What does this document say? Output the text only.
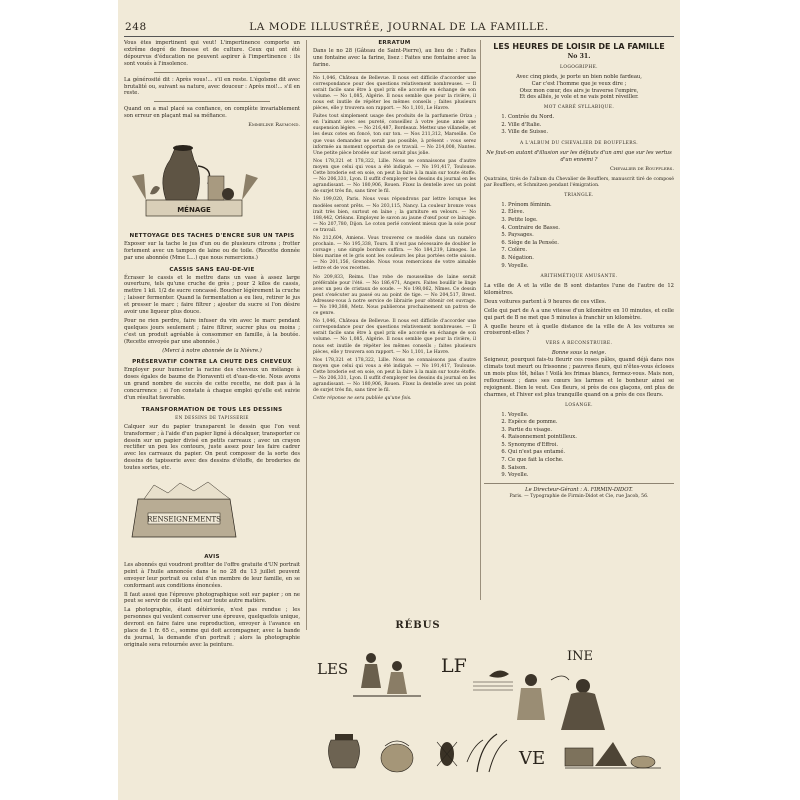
248	LA MODE ILLUSTRÉE, JOURNAL DE LA FAMILLE.

Vous êtes impertinent qui veut! L'impertinence comporte un extrême degré de finesse et de culture. Ceux qui ont été dépourvus d'éducation ne peuvent aspirer à l'impertinence : ils sont voués à l'insolence.

La générosité dit : Après vous!... s'il en reste. L'égoïsme dit avec brutalité ou, suivant sa nature, avec douceur : Après moi!... s'il en reste.

Quand on a mal placé sa confiance, on complète invariablement son erreur en plaçant mal sa méfiance.

Emmeline Raymond.
MÉNAGE
NETTOYAGE DES TACHES D'ENCRE SUR UN TAPIS

Exposer sur la tache le jus d'un ou de plusieurs citrons ; frotter fortement avec un tampon de laine ou de toile. (Recette donnée par une abonnée (Mme L...) que nous remercions.)

CASSIS SANS EAU-DE-VIE

Écraser le cassis et le mettre dans un vase à assez large ouverture, tels qu'une cruche de grès ; pour 2 kilos de cassis, mettre 1 kil. 1/2 de sucre concassé. Boucher légèrement la cruche ; laisser fermenter. Quand la fermentation a eu lieu, retirer le jus et presser le marc ; faire filtrer ; ajouter du sucre si l'on désire avoir une liqueur plus douce.

Pour ne rien perdre, faire infuser du vin avec le marc pendant quelques jours seulement ; faire filtrer, sucrer plus ou moins ; c'est un produit agréable à consommer en famille, à la boutée. (Recette envoyée par une abonnée.)

(Merci à notre abonnée de la Nièvre.)

PRÉSERVATIF CONTRE LA CHUTE DES CHEVEUX

Employer pour humecter la racine des cheveux un mélange à doses égales de baume de Fioraventi et d'eau-de-vie. Nous avons un grand nombre de succès de cette recette, ne doit pas à la concurrence ; si l'on constate à chaque emploi qu'elle est suivie d'un résultat favorable.

TRANSFORMATION DE TOUS LES DESSINS
EN DESSINS DE TAPISSERIE

Calquer sur du papier transparent le dessin que l'on veut transformer ; à l'aide d'un papier ligné à décalquer, transporter ce dessin sur un papier divisé en petits carreaux ; avec un crayon rectifier un peu les contours, juste assez pour les faire cadrer avec les carreaux du papier. On peut composer de la sorte des dessins de tapisserie avec des dessins d'étoffe, de broderies de toutes sortes, etc.

RENSEIGNEMENTS
AVIS

Les abonnés qui voudront profiter de l'offre gratuite d'UN portrait peint à l'huile annoncée dans le no 28 du 13 juillet peuvent envoyer leur portrait ou celui d'un membre de leur famille, en se conformant aux conditions énoncées.

Il faut aussi que l'épreuve photographique soit sur papier ; on ne peut se servir de celle qui est sur toute autre matière.

La photographie, étant détériorée, n'est pas rendue ; les personnes qui veulent conserver une épreuve, quelquefois unique, devront en faire faire une reproduction, envoyer à l'avance en place de 1 fr. 65 c., somme qui doit accompagner, avec la bande du journal, la demande d'un portrait ; alors la photographie originale sera retournée avec la peinture.

ERRATUM

Dans le no 28 (Gâteau de Saint-Pierre), au lieu de : Faites une fontaine avec la farine, lisez : Faites une fontaine avec la farine.

No 1,046, Château de Bellevue. Il nous est difficile d'accorder une correspondance pour des questions relativement nombreuses. — Il serait facile sans être à quel prix elle accorde en échange de son volume. — No 1,085, Algérie. Il nous semble que pour la rivière, il nous est inutile de répéter les mêmes conseils ; faites plusieurs pièces, elle y trouvera son rapport. — No 1,101, Le Havre.

Faites tout simplement usage des produits de la parfumerie Oriza ; en l'aimant avec ses pureté, conseillez à votre jeune amie une suspension légère. — No 216,487, Bordeaux. Mettez une villanelle, et les deux cotes en foncé, ton sur ton. — Nos 211,312, Marseille. Ce que vous demandez ne serait pas possible, à présent : vous serez informée au moment opportun de ce travail. — No 214,008, Nantes. Une petite pièce brodée sur lacet serait plus jolie.

Nos 178,321 et 178,322, Lille. Nous ne connaissons pas d'autre moyen que celui qui vous a été indiqué. — No 191,417, Toulouse. Cette broderie est en soie, on peut la faire à la main sur toute étoffe. — No 206,331, Lyon. Il suffit d'employer les dessins du journal en les agrandissant. — No 180,906, Rouen. Fixez la dentelle avec un point de surjet très fin, sans tirer le fil.

No 199,020, Paris. Nous vous répondrons par lettre lorsque les modèles seront prêts. — No 203,115, Nancy. La couleur bronze vous irait très bien, surtout en laine ; la garniture en velours. — No 188,442, Orléans. Employez le savon au jaune d'œuf pour ce lainage. — No 207,780, Dijon. Le coton perlé convient mieux que la soie pour ce travail.

No 212,604, Amiens. Vous trouverez ce modèle dans un numéro prochain. — No 195,338, Tours. Il n'est pas nécessaire de doubler le corsage ; une simple bordure suffira. — No 184,219, Limoges. Le bleu marine et le gris sont les couleurs les plus portées cette saison. — No 201,156, Grenoble. Nous vous remercions de votre aimable lettre et de vos recettes.

No 209,833, Reims. Une robe de mousseline de laine serait préférable pour l'été. — No 186,471, Angers. Faites bouillir le linge avec un peu de cristaux de soude. — No 198,062, Nîmes. Ce dessin peut s'exécuter au passé ou au point de tige. — No 204,517, Brest. Adressez-vous à notre service de librairie pour obtenir cet ouvrage. — No 190,388, Metz. Nous publierons prochainement un patron de ce genre.

No 1,046, Château de Bellevue. Il nous est difficile d'accorder une correspondance pour des questions relativement nombreuses. — Il serait facile sans être à quel prix elle accorde en échange de son volume. — No 1,085, Algérie. Il nous semble que pour la rivière, il nous est inutile de répéter les mêmes conseils ; faites plusieurs pièces, elle y trouvera son rapport. — No 1,101, Le Havre.

Nos 178,321 et 178,322, Lille. Nous ne connaissons pas d'autre moyen que celui qui vous a été indiqué. — No 191,417, Toulouse. Cette broderie est en soie, on peut la faire à la main sur toute étoffe. — No 206,331, Lyon. Il suffit d'employer les dessins du journal en les agrandissant. — No 180,906, Rouen. Fixez la dentelle avec un point de surjet très fin, sans tirer le fil.

Cette réponse ne sera publiée qu'une fois.

LES HEURES DE LOISIR DE LA FAMILLE
No 31.
LOGOGRIPHE.
Avec cinq pieds, je porte un bien noble fardeau,
Car c'est l'homme que je veux dire ;
Otez mon cœur, des airs je traverse l'empire,
Et des alliés, je vole et ne vais point réveiller.
MOT CARRÉ SYLLABIQUE.
1. Contrée du Nord.
2. Ville d'Italie.
3. Ville de Suisse.
A L'ALBUM DU CHEVALIER DE BOUFFLERS.

Ne faut-on autant d'illusion sur les défauts d'un ami que sur les vertus d'un ennemi ?

Chevalier de Boufflers.

Quatrains, tirés de l'album du Chevalier de Boufflers, manuscrit tiré de composé par Boufflers, et Schmitzen pendant l'émigration.

TRIANGLE.
1. Prénom féminin.
2. Élève.
3. Petite loge.
4. Contraire de Basse.
5. Paysages.
6. Siège de la Pensée.
7. Colère.
8. Négation.
9. Voyelle.
ARITHMÉTIQUE AMUSANTE.

La ville de A et la ville de B sont distantes l'une de l'autre de 12 kilomètres.

Deux voitures partent à 9 heures de ces villes.

Celle qui part de A a une vitesse d'un kilomètre en 10 minutes, et celle qui part de B ne met que 5 minutes à franchir un kilomètre.

A quelle heure et à quelle distance de la ville de A les voitures se croiseront-elles ?

VERS A RECONSTRUIRE.
Bonne sous la neige.

Seigneur, pourquoi fais-tu fleurir ces roses pâles, quand déjà dans nos climats tout meurt ou frissonne ; pauvres fleurs, qui n'êtes-vous écloses un mois plus tôt, hélas ! Voilà les frimas blancs, fermez-vous. Mais non, reflourissez ; dans ses cœurs les larmes et le bonheur ainsi se rejoignent. Bien le veut. Ces fleurs, si près de ces glaçons, ont plus de charmes, et l'hiver est plus tranquille quand on a près de ces fleurs.

LOSANGE.
1. Voyelle.
2. Espèce de pomme.
3. Partie du visage.
4. Raisonnement pointilleux.
5. Synonyme d'Effroi.
6. Qui n'est pas entamé.
7. Ce que fait la cloche.
8. Saison.
9. Voyelle.
Le Directeur-Gérant : A. FIRMIN-DIDOT.
Paris. — Typographie de Firmin-Didot et Cie, rue Jacob, 56.
RÉBUS
LES	LF	INE
VE
